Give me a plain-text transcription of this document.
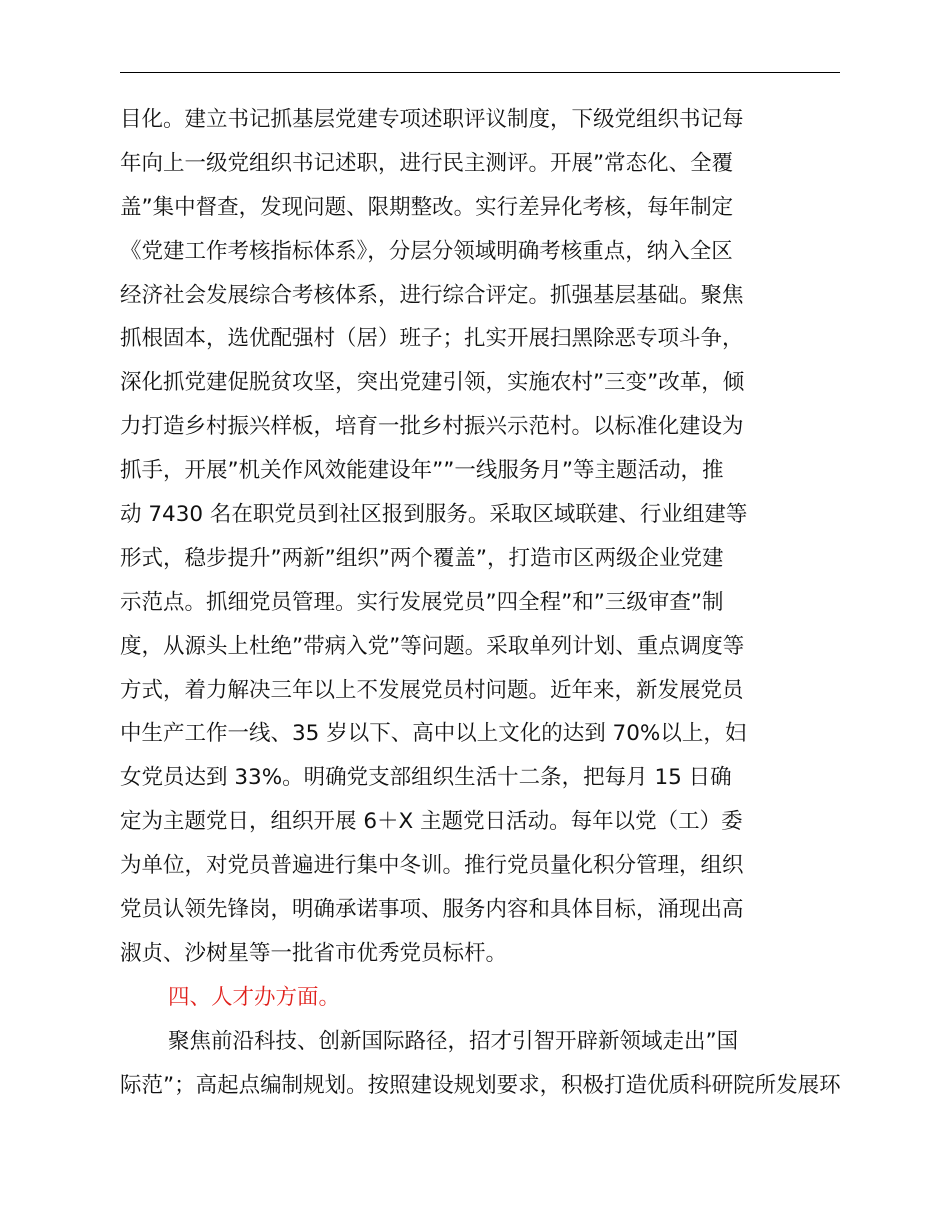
目化。建立书记抓基层党建专项述职评议制度，下级党组织书记每
年向上一级党组织书记述职，进行民主测评。开展”常态化、全覆
盖”集中督查，发现问题、限期整改。实行差异化考核，每年制定
《党建工作考核指标体系》，分层分领域明确考核重点，纳入全区
经济社会发展综合考核体系，进行综合评定。抓强基层基础。聚焦
抓根固本，选优配强村（居）班子；扎实开展扫黑除恶专项斗争，
深化抓党建促脱贫攻坚，突出党建引领，实施农村”三变”改革，倾
力打造乡村振兴样板，培育一批乡村振兴示范村。以标准化建设为
抓手，开展”机关作风效能建设年””一线服务月”等主题活动，推
动 7430 名在职党员到社区报到服务。采取区域联建、行业组建等
形式，稳步提升”两新”组织”两个覆盖”，打造市区两级企业党建
示范点。抓细党员管理。实行发展党员”四全程”和”三级审查”制
度，从源头上杜绝”带病入党”等问题。采取单列计划、重点调度等
方式，着力解决三年以上不发展党员村问题。近年来，新发展党员
中生产工作一线、35 岁以下、高中以上文化的达到 70%以上，妇
女党员达到 33%。明确党支部组织生活十二条，把每月 15 日确
定为主题党日，组织开展 6＋X 主题党日活动。每年以党（工）委
为单位，对党员普遍进行集中冬训。推行党员量化积分管理，组织
党员认领先锋岗，明确承诺事项、服务内容和具体目标，涌现出高
淑贞、沙树星等一批省市优秀党员标杆。
四、人才办方面。
聚焦前沿科技、创新国际路径，招才引智开辟新领域走出”国
际范”；高起点编制规划。按照建设规划要求，积极打造优质科研院所发展环
